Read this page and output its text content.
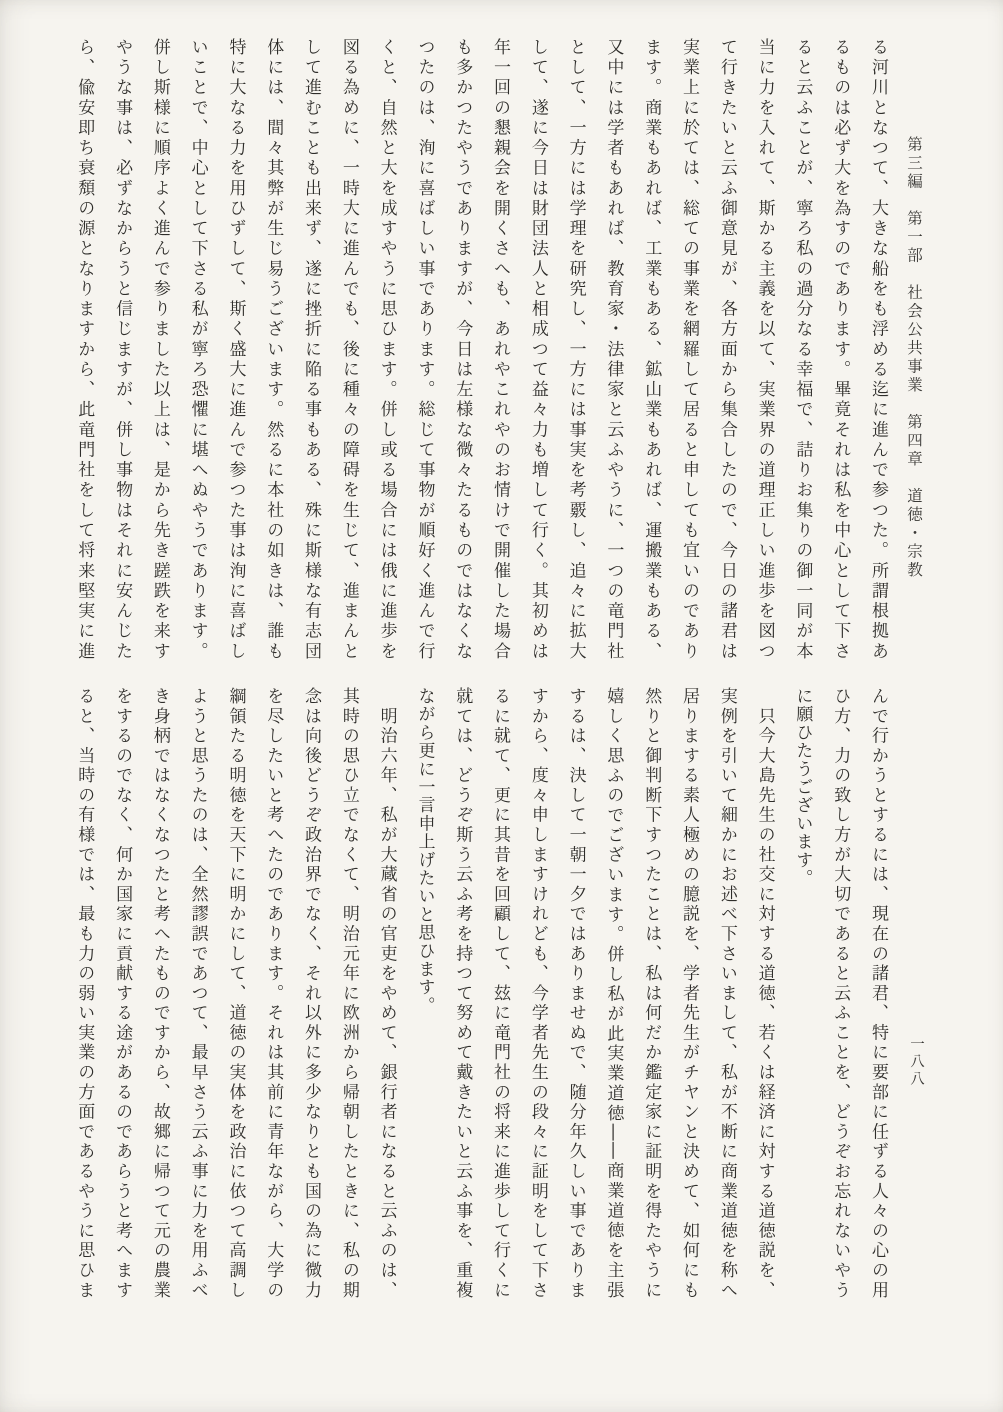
第三編　第一部　社会公共事業　第四章　道徳・宗教
一八八
る河川となつて、大きな船をも浮める迄に進んで参つた。所謂根拠あ
るものは必ず大を為すのであります。畢竟それは私を中心として下さ
ると云ふことが、寧ろ私の過分なる幸福で、詰りお集りの御一同が本
当に力を入れて、斯かる主義を以て、実業界の道理正しい進歩を図つ
て行きたいと云ふ御意見が、各方面から集合したので、今日の諸君は
実業上に於ては、総ての事業を網羅して居ると申しても宜いのであり
ます。商業もあれば、工業もある、鉱山業もあれば、運搬業もある、
又中には学者もあれば、教育家・法律家と云ふやうに、一つの竜門社
として、一方には学理を研究し、一方には事実を考覈し、追々に拡大
して、遂に今日は財団法人と相成つて益々力も増して行く。其初めは
年一回の懇親会を開くさへも、あれやこれやのお情けで開催した場合
も多かつたやうでありますが、今日は左様な微々たるものではなくな
つたのは、洵に喜ばしい事であります。総じて事物が順好く進んで行
くと、自然と大を成すやうに思ひます。併し或る場合には俄に進歩を
図る為めに、一時大に進んでも、後に種々の障碍を生じて、進まんと
して進むことも出来ず、遂に挫折に陥る事もある、殊に斯様な有志団
体には、間々其弊が生じ易うございます。然るに本社の如きは、誰も
特に大なる力を用ひずして、斯く盛大に進んで参つた事は洵に喜ばし
いことで、中心として下さる私が寧ろ恐懼に堪へぬやうであります。
併し斯様に順序よく進んで参りました以上は、是から先き蹉跌を来す
やうな事は、必ずなからうと信じますが、併し事物はそれに安んじた
ら、偸安即ち衰頽の源となりますから、此竜門社をして将来堅実に進
んで行かうとするには、現在の諸君、特に要部に任ずる人々の心の用
ひ方、力の致し方が大切であると云ふことを、どうぞお忘れないやう
に願ひたうございます。
　只今大島先生の社交に対する道徳、若くは経済に対する道徳説を、
実例を引いて細かにお述べ下さいまして、私が不断に商業道徳を称へ
居りまする素人極めの臆説を、学者先生がチヤンと決めて、如何にも
然りと御判断下すつたことは、私は何だか鑑定家に証明を得たやうに
嬉しく思ふのでございます。併し私が此実業道徳――商業道徳を主張
するは、決して一朝一夕ではありませぬで、随分年久しい事でありま
すから、度々申しますけれども、今学者先生の段々に証明をして下さ
るに就て、更に其昔を回顧して、玆に竜門社の将来に進歩して行くに
就ては、どうぞ斯う云ふ考を持つて努めて戴きたいと云ふ事を、重複
ながら更に一言申上げたいと思ひます。
　明治六年、私が大蔵省の官吏をやめて、銀行者になると云ふのは、
其時の思ひ立でなくて、明治元年に欧洲から帰朝したときに、私の期
念は向後どうぞ政治界でなく、それ以外に多少なりとも国の為に微力
を尽したいと考へたのであります。それは其前に青年ながら、大学の
綱領たる明徳を天下に明かにして、道徳の実体を政治に依つて高調し
ようと思うたのは、全然謬誤であつて、最早さう云ふ事に力を用ふべ
き身柄ではなくなつたと考へたものですから、故郷に帰つて元の農業
をするのでなく、何か国家に貢献する途があるのであらうと考へます
ると、当時の有様では、最も力の弱い実業の方面であるやうに思ひま
